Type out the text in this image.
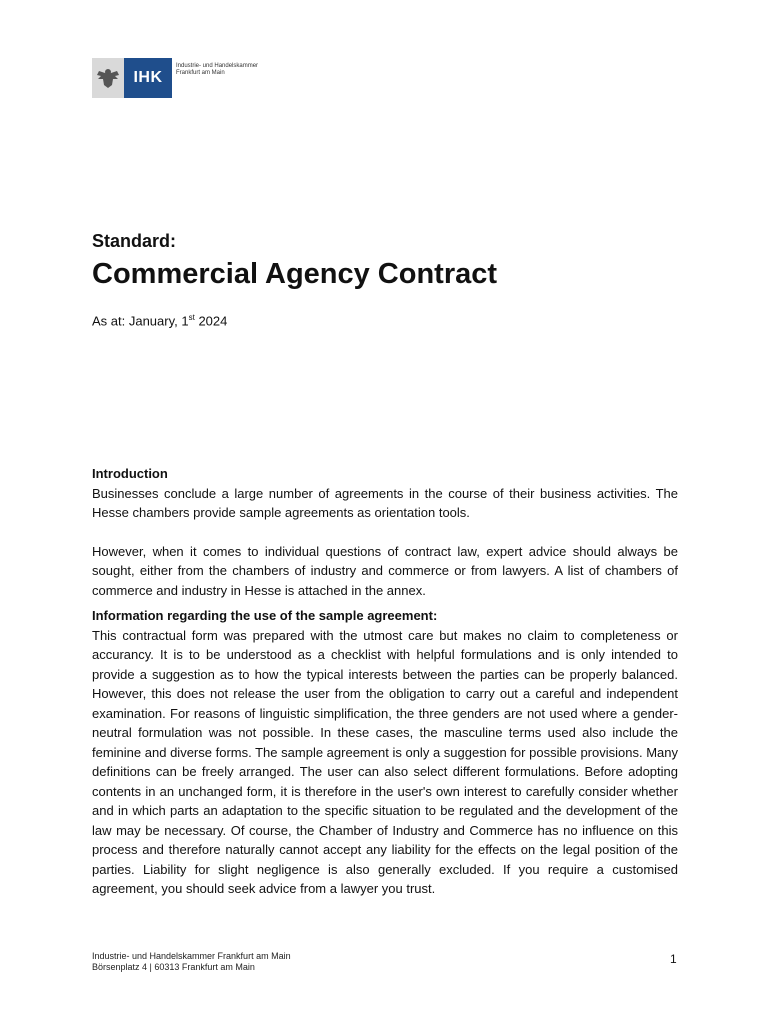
IHK
Industrie- und Handelskammer
Frankfurt am Main
Standard:
Commercial Agency Contract
As at: January, 1st 2024

Introduction

Businesses conclude a large number of agreements in the course of their business activities. The Hesse chambers provide sample agreements as orientation tools.

However, when it comes to individual questions of contract law, expert advice should always be sought, either from the chambers of industry and commerce or from lawyers. A list of chambers of commerce and industry in Hesse is attached in the annex.

Information regarding the use of the sample agreement:

This contractual form was prepared with the utmost care but makes no claim to completeness or accurancy. It is to be understood as a checklist with helpful formulations and is only intended to provide a suggestion as to how the typical interests between the parties can be properly balanced. However, this does not release the user from the obligation to carry out a careful and independent examination. For reasons of linguistic simplification, the three genders are not used where a gender-neutral formulation was not possible. In these cases, the masculine terms used also include the feminine and diverse forms. The sample agreement is only a suggestion for possible provisions. Many definitions can be freely arranged. The user can also select different formulations. Before adopting contents in an unchanged form, it is therefore in the user's own interest to carefully consider whether and in which parts an adaptation to the specific situation to be regulated and the development of the law may be necessary. Of course, the Chamber of Industry and Commerce has no influence on this process and therefore naturally cannot accept any liability for the effects on the legal position of the parties. Liability for slight negligence is also generally excluded. If you require a customised agreement, you should seek advice from a lawyer you trust.

Industrie- und Handelskammer Frankfurt am Main
Börsenplatz 4 | 60313 Frankfurt am Main
1
